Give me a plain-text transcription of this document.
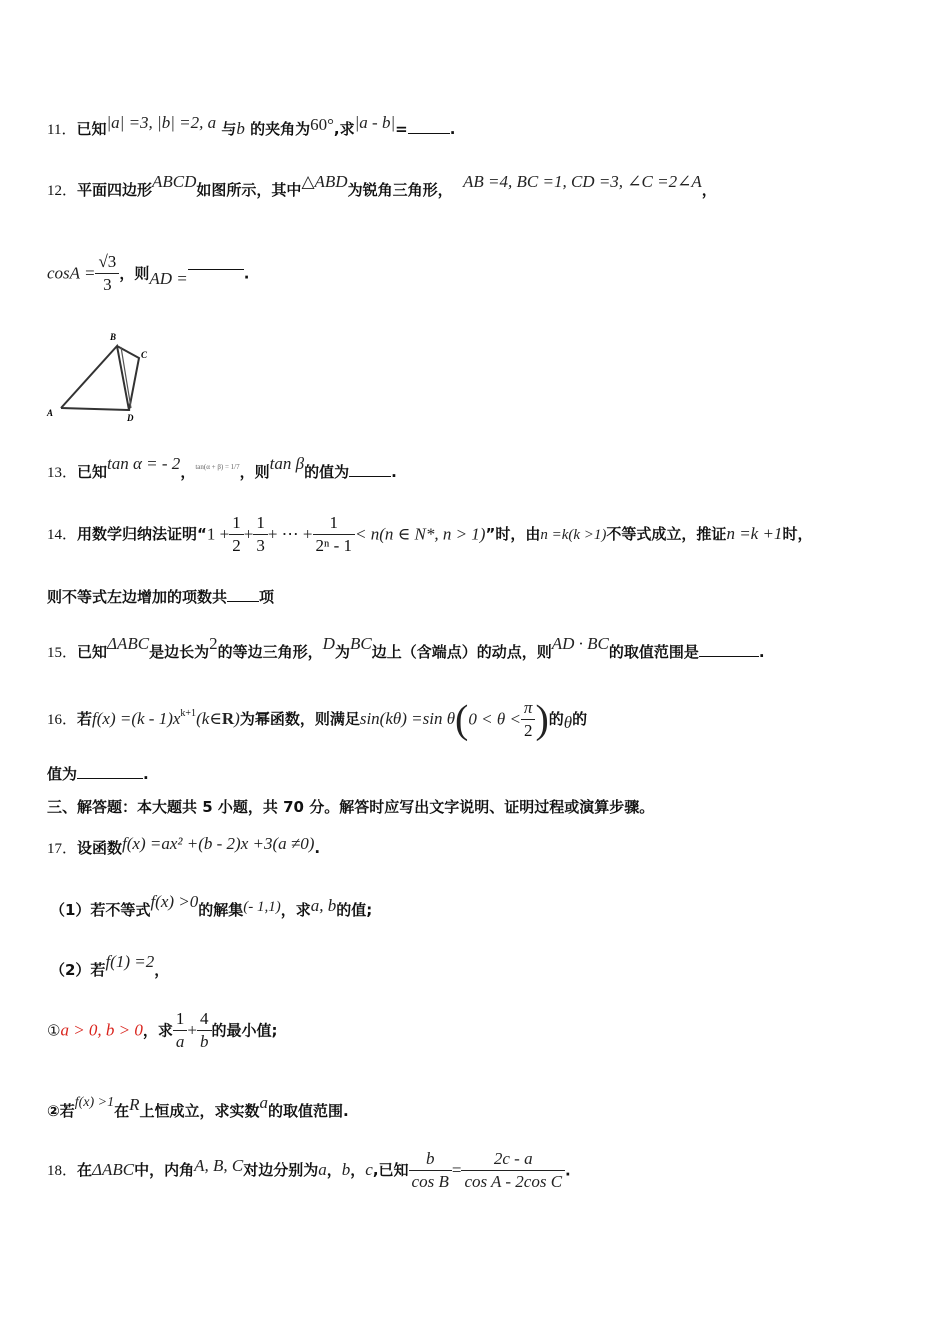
11．已知|a| =3, |b| =2, a 与b 的夹角为60°,求|a - b|=	.
12．平面四边形ABCD如图所示，其中△ABD为锐角三角形， AB =4, BC =1, CD =3, ∠C =2∠A，
$\cos A = \frac{√3}{3}$ ，则AD =	.
B
C
A	D
13．已知tan α = - 2，$^{tan(\alpha + \beta) = 1/7}$，则tan β的值为	.
14．用数学归纳法证明“$1 + \frac{1}{2} + \frac{1}{3}$ + ⋯ + $\frac{1}{\text{2ⁿ - 1}} < n(n$ ∈ N*, n > 1)”时，由n =k(k >1)不等式成立，推证n =k +1时，
则不等式左边增加的项数共 项
15．已知ΔABC是边长为2的等边三角形，D为BC边上（含端点）的动点，则AD · BC的取值范围是	.
16．若$f(x) =(k - 1)x^{k+1}(k\in R)$为幂函数，则满足sin(kθ) =sin $\theta(0 < \theta < \frac{\pi}{2}$ )的θ的
值为	.
三、解答题：本大题共 5 小题，共 70 分。解答时应写出文字说明、证明过程或演算步骤。
17．设函数f(x) =ax² +(b - 2)x +3(a ≠0).
（1）若不等式f(x) >0的解集(- 1,1)，求a, b的值;
（2）若f(1) =2，
①a > 0, b > 0，求 $\frac{1}{a} + \frac{4}{b}$ 的最小值;
②若f(x) >1在R上恒成立，求实数a的取值范围.
18．在ΔABC中，内角A, B, C对边分别为a，b，c,已知 $\frac{b}{\text{cos B}} = \frac{2c - a}{\text{cos A - 2cos C}}$ .
